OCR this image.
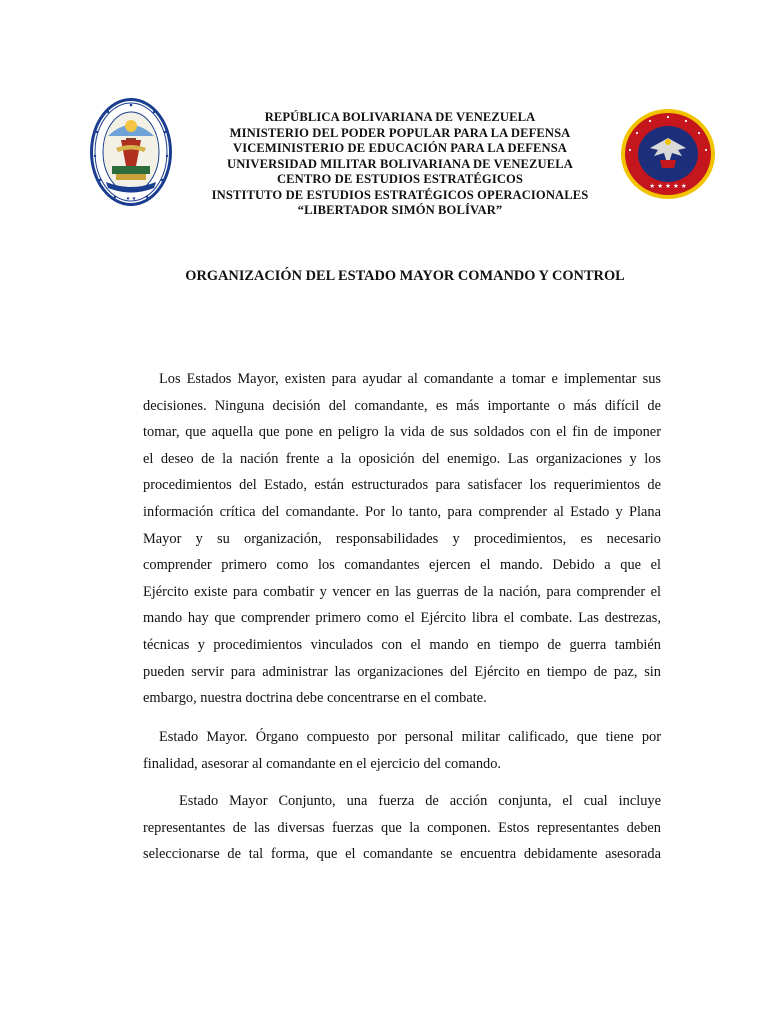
★ ★
REPÚBLICA BOLIVARIANA DE VENEZUELA
MINISTERIO DEL PODER POPULAR PARA LA DEFENSA
VICEMINISTERIO DE EDUCACIÓN PARA LA DEFENSA
UNIVERSIDAD MILITAR BOLIVARIANA DE VENEZUELA
CENTRO DE ESTUDIOS ESTRATÉGICOS
INSTITUTO DE ESTUDIOS ESTRATÉGICOS OPERACIONALES
“LIBERTADOR SIMÓN BOLÍVAR”
★ ★ ★ ★ ★
ORGANIZACIÓN DEL ESTADO MAYOR COMANDO Y CONTROL
Los Estados Mayor, existen para ayudar al comandante a tomar e implementar sus
decisiones. Ninguna decisión del comandante, es más importante o más difícil de
tomar, que aquella que pone en peligro la vida de sus soldados con el fin de imponer
el deseo de la nación frente a la oposición del enemigo. Las organizaciones y los
procedimientos del Estado, están estructurados para satisfacer los requerimientos de
información crítica del comandante. Por lo tanto, para comprender al Estado y Plana
Mayor y su organización, responsabilidades y procedimientos, es necesario
comprender primero como los comandantes ejercen el mando. Debido a que el
Ejército existe para combatir y vencer en las guerras de la nación, para comprender el
mando hay que comprender primero como el Ejército libra el combate. Las destrezas,
técnicas y procedimientos vinculados con el mando en tiempo de guerra también
pueden servir para administrar las organizaciones del Ejército en tiempo de paz, sin
embargo, nuestra doctrina debe concentrarse en el combate.
Estado Mayor. Órgano compuesto por personal militar calificado, que tiene por
finalidad, asesorar al comandante en el ejercicio del comando.
Estado Mayor Conjunto, una fuerza de acción conjunta, el cual incluye
representantes de las diversas fuerzas que la componen. Estos representantes deben
seleccionarse de tal forma, que el comandante se encuentra debidamente asesorada
